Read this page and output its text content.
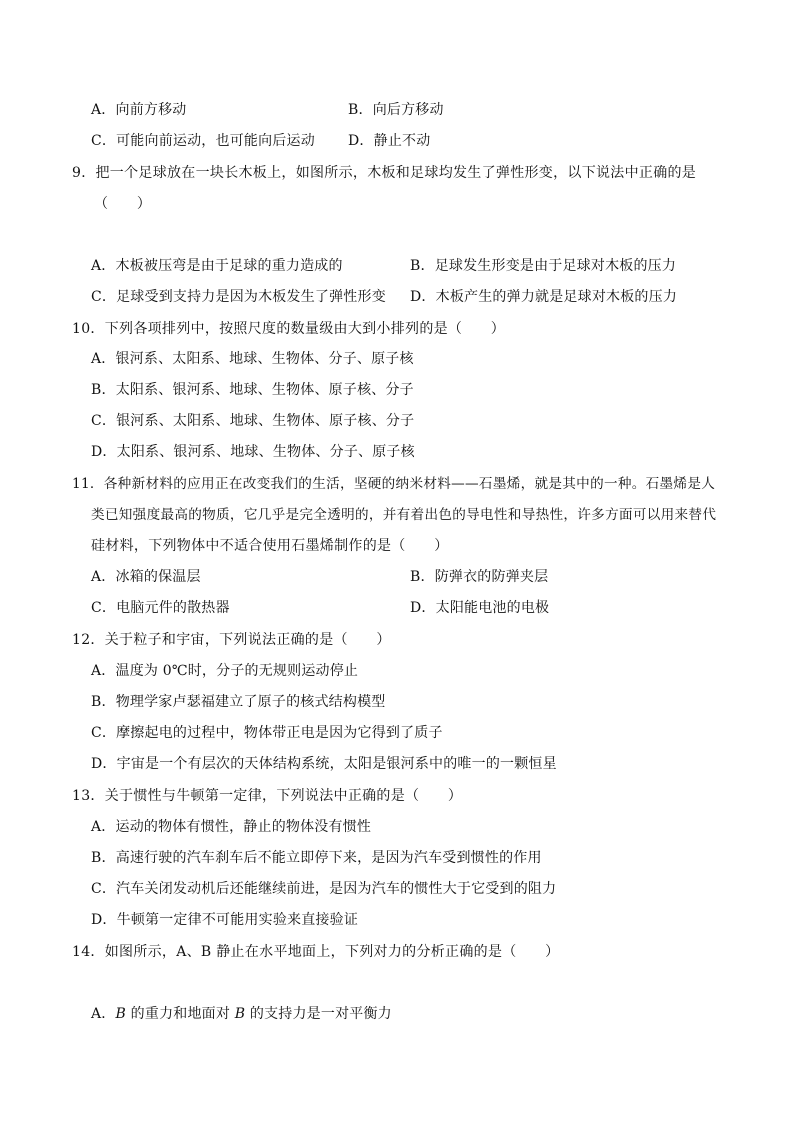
A．向前方移动	B．向后方移动
C．可能向前运动，也可能向后运动 D．静止不动
9．把一个足球放在一块长木板上，如图所示，木板和足球均发生了弹性形变，以下说法中正确的是
（　　）
A．木板被压弯是由于足球的重力造成的	B．足球发生形变是由于足球对木板的压力
C．足球受到支持力是因为木板发生了弹性形变 D．木板产生的弹力就是足球对木板的压力
10．下列各项排列中，按照尺度的数量级由大到小排列的是（　　）
A．银河系、太阳系、地球、生物体、分子、原子核
B．太阳系、银河系、地球、生物体、原子核、分子
C．银河系、太阳系、地球、生物体、原子核、分子
D．太阳系、银河系、地球、生物体、分子、原子核
11．各种新材料的应用正在改变我们的生活，坚硬的纳米材料——石墨烯，就是其中的一种。石墨烯是人
类已知强度最高的物质，它几乎是完全透明的，并有着出色的导电性和导热性，许多方面可以用来替代
硅材料，下列物体中不适合使用石墨烯制作的是（　　）
A．冰箱的保温层	B．防弹衣的防弹夹层
C．电脑元件的散热器	D．太阳能电池的电极
12．关于粒子和宇宙，下列说法正确的是（　　）
A．温度为 0℃时，分子的无规则运动停止
B．物理学家卢瑟福建立了原子的核式结构模型
C．摩擦起电的过程中，物体带正电是因为它得到了质子
D．宇宙是一个有层次的天体结构系统，太阳是银河系中的唯一的一颗恒星
13．关于惯性与牛顿第一定律，下列说法中正确的是（　　）
A．运动的物体有惯性，静止的物体没有惯性
B．高速行驶的汽车刹车后不能立即停下来，是因为汽车受到惯性的作用
C．汽车关闭发动机后还能继续前进，是因为汽车的惯性大于它受到的阻力
D．牛顿第一定律不可能用实验来直接验证
14．如图所示，A、B 静止在水平地面上，下列对力的分析正确的是（　　）
A．B 的重力和地面对 B 的支持力是一对平衡力
